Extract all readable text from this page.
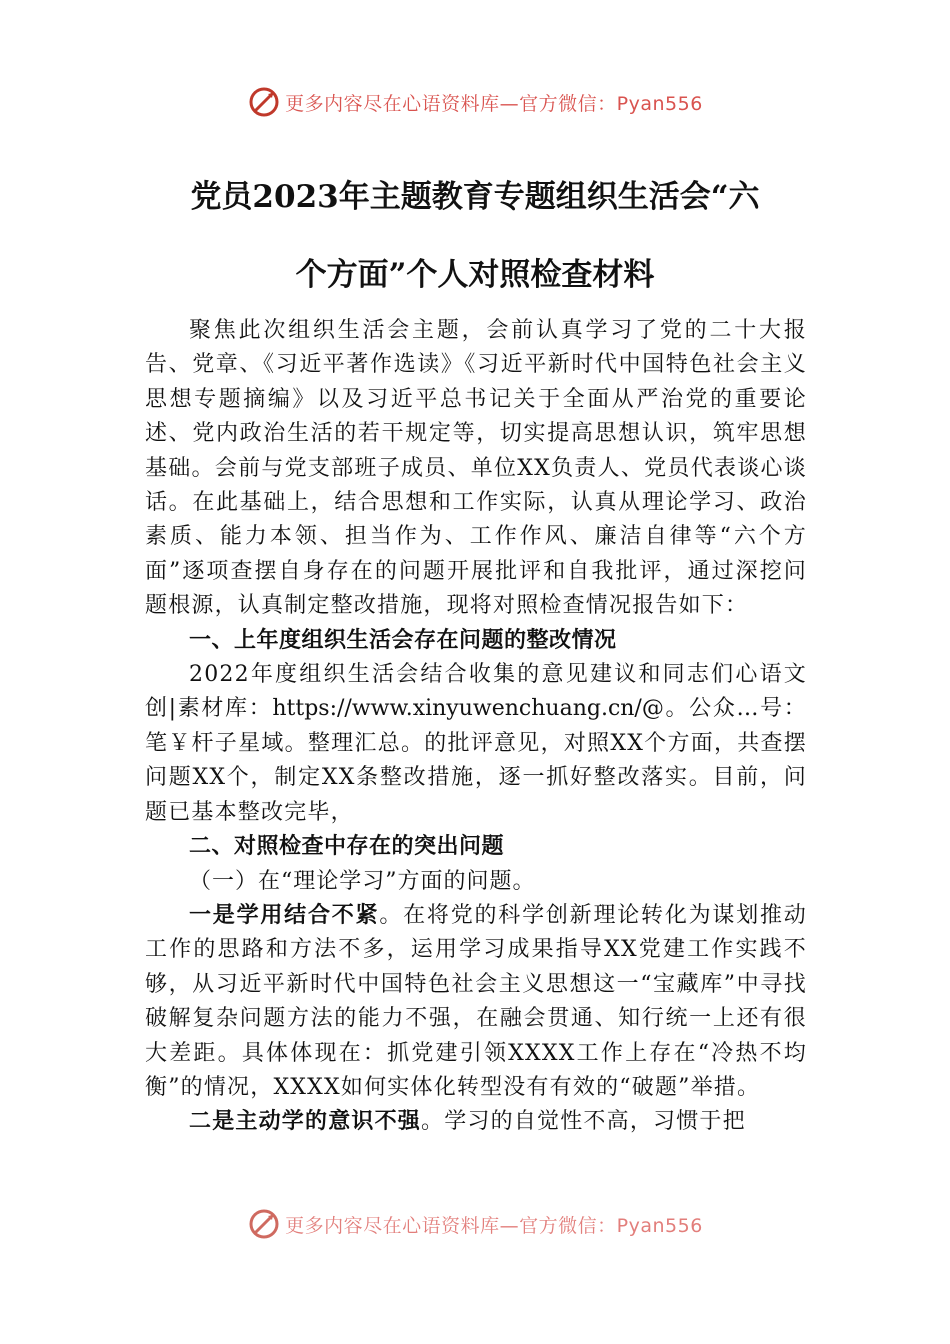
更多内容尽在心语资料库—官方微信：Pyan556
党员2023年主题教育专题组织生活会“六
个方面”个人对照检查材料

聚焦此次组织生活会主题，会前认真学习了党的二十大报告、党章、《习近平著作选读》《习近平新时代中国特色社会主义思想专题摘编》以及习近平总书记关于全面从严治党的重要论述、党内政治生活的若干规定等，切实提高思想认识，筑牢思想基础。会前与党支部班子成员、单位XX负责人、党员代表谈心谈话。在此基础上，结合思想和工作实际，认真从理论学习、政治素质、能力本领、担当作为、工作作风、廉洁自律等“六个方面”逐项查摆自身存在的问题开展批评和自我批评，通过深挖问题根源，认真制定整改措施，现将对照检查情况报告如下：

一、上年度组织生活会存在问题的整改情况

2022年度组织生活会结合收集的意见建议和同志们心语文创|素材库：https://www.xinyuwenchuang.cn/@。公众…号：笔￥杆子星域。整理汇总。的批评意见，对照XX个方面，共查摆问题XX个，制定XX条整改措施，逐一抓好整改落实。目前，问题已基本整改完毕，

二、对照检查中存在的突出问题

（一）在“理论学习”方面的问题。

一是学用结合不紧。在将党的科学创新理论转化为谋划推动工作的思路和方法不多，运用学习成果指导XX党建工作实践不够，从习近平新时代中国特色社会主义思想这一“宝藏库”中寻找破解复杂问题方法的能力不强，在融会贯通、知行统一上还有很大差距。具体体现在：抓党建引领XXXX工作上存在“冷热不均衡”的情况，XXXX如何实体化转型没有有效的“破题”举措。

二是主动学的意识不强。学习的自觉性不高，习惯于把

更多内容尽在心语资料库—官方微信：Pyan556
